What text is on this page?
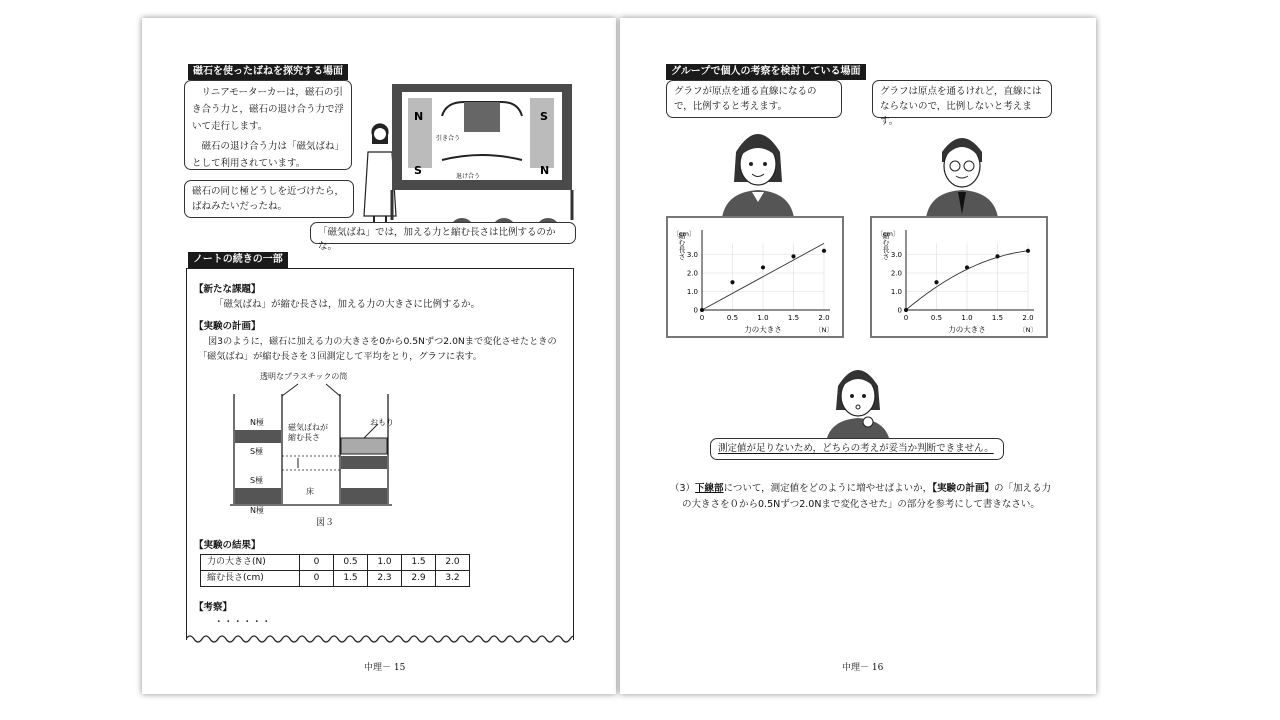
磁石を使ったばねを探究する場面
リニアモーターカーは，磁石の引き合う力と，磁石の退け合う力で浮いて走行します。
磁石の退け合う力は「磁気ばね」として利用されています。
磁石の同じ極どうしを近づけたら，ばねみたいだったね。
N
S
S
N
引き合う
退け合う
「磁気ばね」では，加える力と縮む長さは比例するのかな。
ノートの続きの一部
【新たな課題】
「磁気ばね」が縮む長さは，加える力の大きさに比例するか。
【実験の計画】
図3のように，磁石に加える力の大きさを0から0.5Nずつ2.0Nまで変化させたときの
「磁気ばね」が縮む長さを３回測定して平均をとり，グラフに表す。
透明なプラスチックの筒
おもり
磁気ばねが
縮む長さ
N極
S極
S極
N極
床
図３
【実験の結果】
力の大きさ(N)	0	0.5	1.0	1.5	2.0
縮む長さ(cm)	0	1.5	2.3	2.9	3.2
【考察】
・・・・・・
中理－ 15
グループで個人の考察を検討している場面
グラフが原点を通る直線になるので，比例すると考えます。
グラフは原点を通るけれど，直線にはならないので，比例しないと考えます。
0	0.5	1.0	1.5	2.0
0
1.0
2.0
3.0
〔cm〕
縮む長さ
力の大きさ	〔N〕
0	0.5	1.0	1.5	2.0
0
1.0
2.0
3.0
〔cm〕
縮む長さ
力の大きさ	〔N〕
測定値が足りないため，どちらの考えが妥当か判断できません。
（3）下線部について，測定値をどのように増やせばよいか，【実験の計画】の「加える力
の大きさを０から0.5Nずつ2.0Nまで変化させた」の部分を参考にして書きなさい。
中理－ 16
